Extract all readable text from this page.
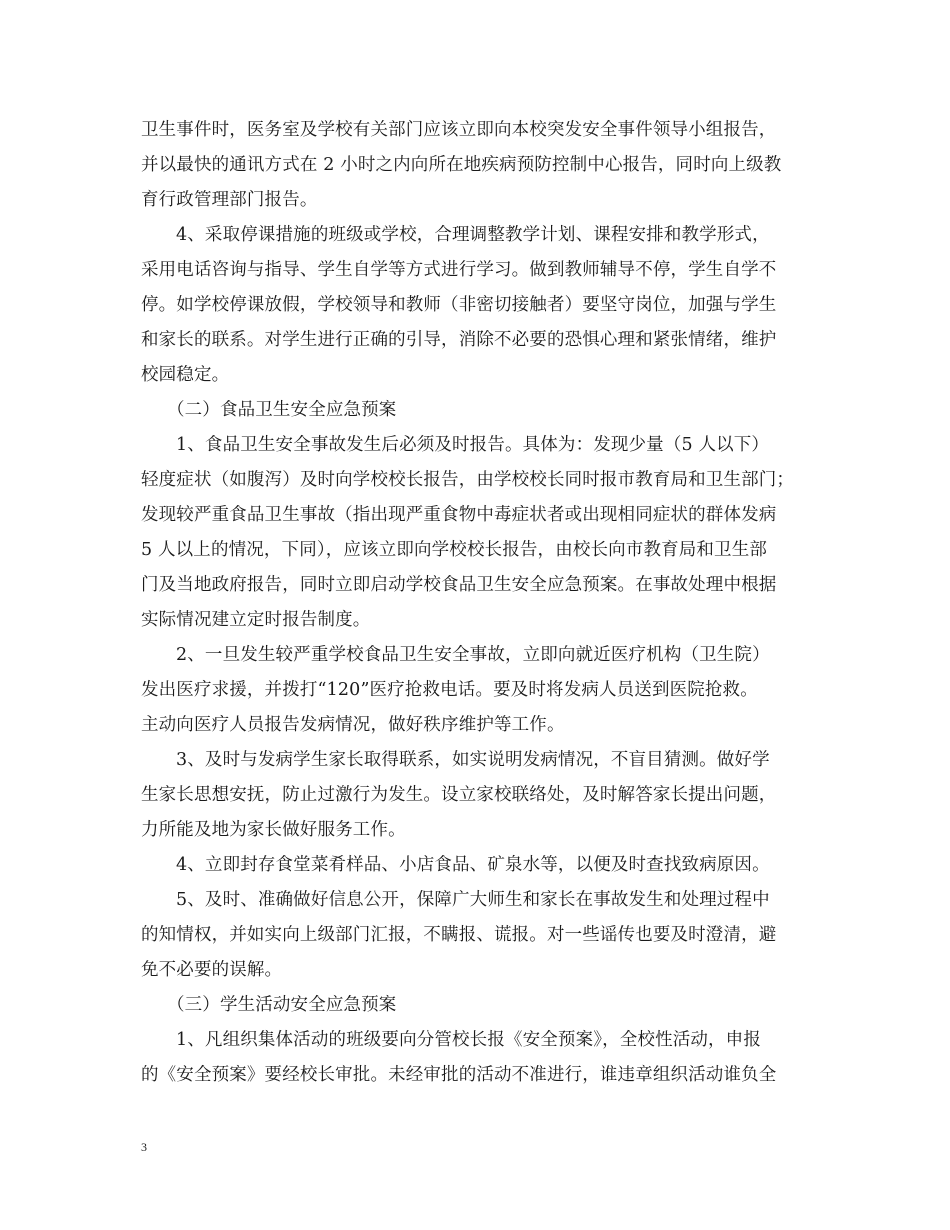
卫生事件时，医务室及学校有关部门应该立即向本校突发安全事件领导小组报告，
并以最快的通讯方式在 2 小时之内向所在地疾病预防控制中心报告，同时向上级教
育行政管理部门报告。
4、采取停课措施的班级或学校，合理调整教学计划、课程安排和教学形式，
采用电话咨询与指导、学生自学等方式进行学习。做到教师辅导不停，学生自学不
停。如学校停课放假，学校领导和教师（非密切接触者）要坚守岗位，加强与学生
和家长的联系。对学生进行正确的引导，消除不必要的恐惧心理和紧张情绪，维护
校园稳定。
（二）食品卫生安全应急预案
1、食品卫生安全事故发生后必须及时报告。具体为：发现少量（5 人以下）
轻度症状（如腹泻）及时向学校校长报告，由学校校长同时报市教育局和卫生部门；
发现较严重食品卫生事故（指出现严重食物中毒症状者或出现相同症状的群体发病
5 人以上的情况，下同），应该立即向学校校长报告，由校长向市教育局和卫生部
门及当地政府报告，同时立即启动学校食品卫生安全应急预案。在事故处理中根据
实际情况建立定时报告制度。
2、一旦发生较严重学校食品卫生安全事故，立即向就近医疗机构（卫生院）
发出医疗求援，并拨打“120”医疗抢救电话。要及时将发病人员送到医院抢救。
主动向医疗人员报告发病情况，做好秩序维护等工作。
3、及时与发病学生家长取得联系，如实说明发病情况，不盲目猜测。做好学
生家长思想安抚，防止过激行为发生。设立家校联络处，及时解答家长提出问题，
力所能及地为家长做好服务工作。
4、立即封存食堂菜肴样品、小店食品、矿泉水等，以便及时查找致病原因。
5、及时、准确做好信息公开，保障广大师生和家长在事故发生和处理过程中
的知情权，并如实向上级部门汇报，不瞒报、谎报。对一些谣传也要及时澄清，避
免不必要的误解。
（三）学生活动安全应急预案
1、凡组织集体活动的班级要向分管校长报《安全预案》，全校性活动，申报
的《安全预案》要经校长审批。未经审批的活动不准进行，谁违章组织活动谁负全
3
